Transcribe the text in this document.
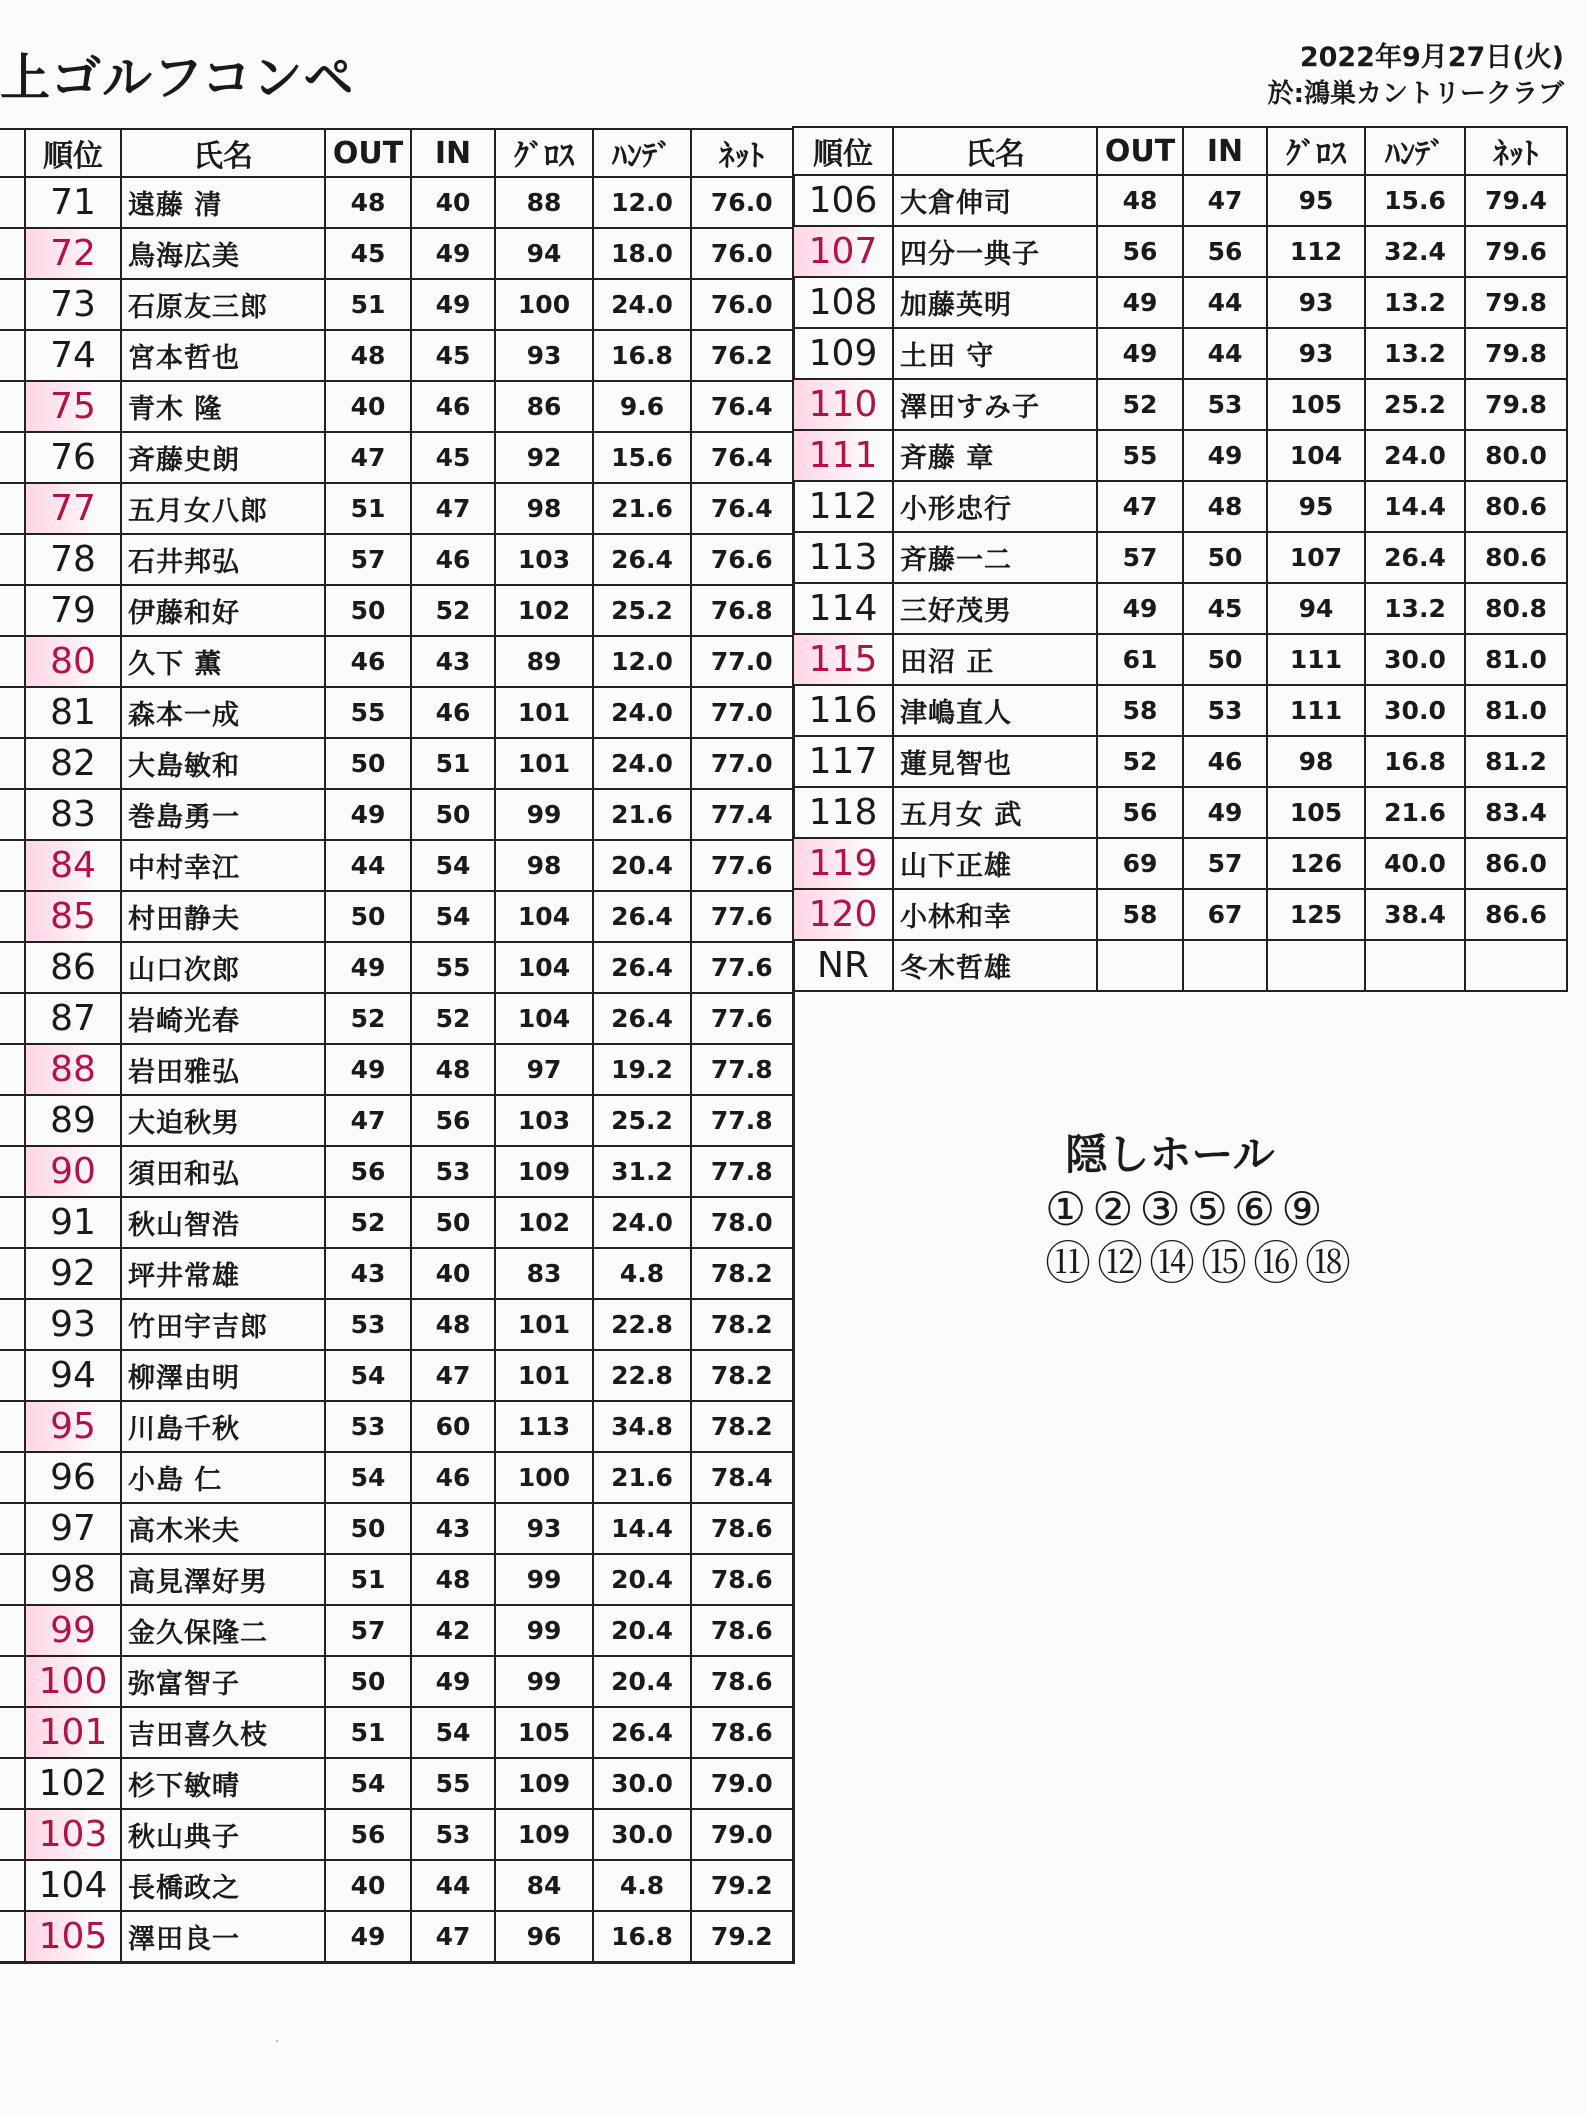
上ゴルフコンペ	2022年9月27日(火)
於:鴻巣カントリークラブ
	順位	氏名	OUT	IN	ｸﾞﾛｽ	ﾊﾝﾃﾞ	ﾈｯﾄ
	71	遠藤 清	48	40	88	12.0	76.0
	72	鳥海広美	45	49	94	18.0	76.0
	73	石原友三郎	51	49	100	24.0	76.0
	74	宮本哲也	48	45	93	16.8	76.2
	75	青木 隆	40	46	86	9.6	76.4
	76	斉藤史朗	47	45	92	15.6	76.4
	77	五月女八郎	51	47	98	21.6	76.4
	78	石井邦弘	57	46	103	26.4	76.6
	79	伊藤和好	50	52	102	25.2	76.8
	80	久下 薫	46	43	89	12.0	77.0
	81	森本一成	55	46	101	24.0	77.0
	82	大島敏和	50	51	101	24.0	77.0
	83	巻島勇一	49	50	99	21.6	77.4
	84	中村幸江	44	54	98	20.4	77.6
	85	村田静夫	50	54	104	26.4	77.6
	86	山口次郎	49	55	104	26.4	77.6
	87	岩崎光春	52	52	104	26.4	77.6
	88	岩田雅弘	49	48	97	19.2	77.8
	89	大迫秋男	47	56	103	25.2	77.8
	90	須田和弘	56	53	109	31.2	77.8
	91	秋山智浩	52	50	102	24.0	78.0
	92	坪井常雄	43	40	83	4.8	78.2
	93	竹田宇吉郎	53	48	101	22.8	78.2
	94	柳澤由明	54	47	101	22.8	78.2
	95	川島千秋	53	60	113	34.8	78.2
	96	小島 仁	54	46	100	21.6	78.4
	97	高木米夫	50	43	93	14.4	78.6
	98	高見澤好男	51	48	99	20.4	78.6
	99	金久保隆二	57	42	99	20.4	78.6
	100	弥富智子	50	49	99	20.4	78.6
	101	吉田喜久枝	51	54	105	26.4	78.6
	102	杉下敏晴	54	55	109	30.0	79.0
	103	秋山典子	56	53	109	30.0	79.0
	104	長橋政之	40	44	84	4.8	79.2
	105	澤田良一	49	47	96	16.8	79.2
順位	氏名	OUT	IN	ｸﾞﾛｽ	ﾊﾝﾃﾞ	ﾈｯﾄ
106	大倉伸司	48	47	95	15.6	79.4
107	四分一典子	56	56	112	32.4	79.6
108	加藤英明	49	44	93	13.2	79.8
109	土田 守	49	44	93	13.2	79.8
110	澤田すみ子	52	53	105	25.2	79.8
111	斉藤 章	55	49	104	24.0	80.0
112	小形忠行	47	48	95	14.4	80.6
113	斉藤一二	57	50	107	26.4	80.6
114	三好茂男	49	45	94	13.2	80.8
115	田沼 正	61	50	111	30.0	81.0
116	津嶋直人	58	53	111	30.0	81.0
117	蓮見智也	52	46	98	16.8	81.2
118	五月女 武	56	49	105	21.6	83.4
119	山下正雄	69	57	126	40.0	86.0
120	小林和幸	58	67	125	38.4	86.6
NR	冬木哲雄					
隠しホール
①②③⑤⑥⑨
⑪⑫⑭⑮⑯⑱
